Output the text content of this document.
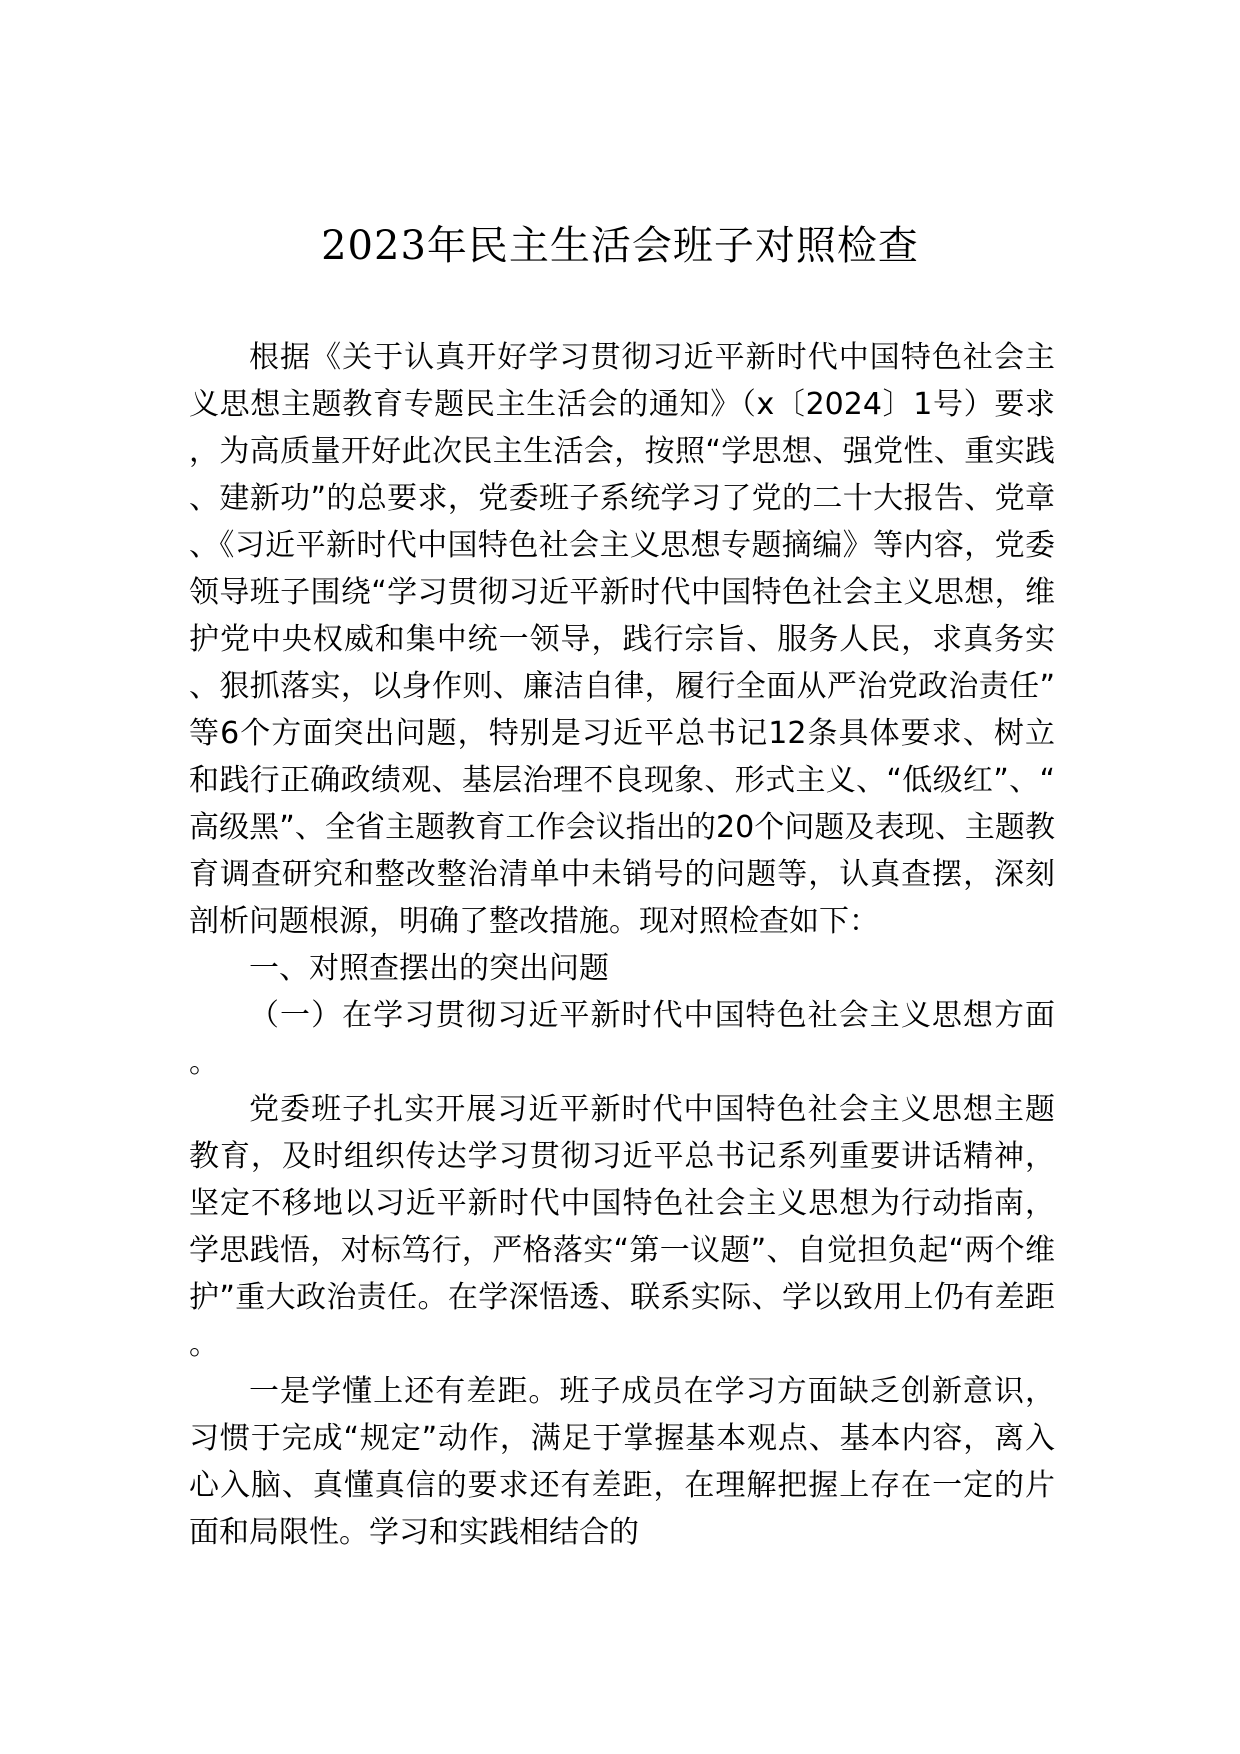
2023年民主生活会班子对照检查

根据《关于认真开好学习贯彻习近平新时代中国特色社会主义思想主题教育专题民主生活会的通知》（x〔2024〕1号）要求，为高质量开好此次民主生活会，按照“学思想、强党性、重实践、建新功”的总要求，党委班子系统学习了党的二十大报告、党章、《习近平新时代中国特色社会主义思想专题摘编》等内容，党委领导班子围绕“学习贯彻习近平新时代中国特色社会主义思想，维护党中央权威和集中统一领导，践行宗旨、服务人民，求真务实、狠抓落实，以身作则、廉洁自律，履行全面从严治党政治责任”等6个方面突出问题，特别是习近平总书记12条具体要求、树立和践行正确政绩观、基层治理不良现象、形式主义、“低级红”、“高级黑”、全省主题教育工作会议指出的20个问题及表现、主题教育调查研究和整改整治清单中未销号的问题等，认真查摆，深刻剖析问题根源，明确了整改措施。现对照检查如下：

一、对照查摆出的突出问题

（一）在学习贯彻习近平新时代中国特色社会主义思想方面。

党委班子扎实开展习近平新时代中国特色社会主义思想主题教育，及时组织传达学习贯彻习近平总书记系列重要讲话精神，坚定不移地以习近平新时代中国特色社会主义思想为行动指南，学思践悟，对标笃行，严格落实“第一议题”、自觉担负起“两个维护”重大政治责任。在学深悟透、联系实际、学以致用上仍有差距。

一是学懂上还有差距。班子成员在学习方面缺乏创新意识，习惯于完成“规定”动作，满足于掌握基本观点、基本内容，离入心入脑、真懂真信的要求还有差距，在理解把握上存在一定的片面和局限性。学习和实践相结合的
